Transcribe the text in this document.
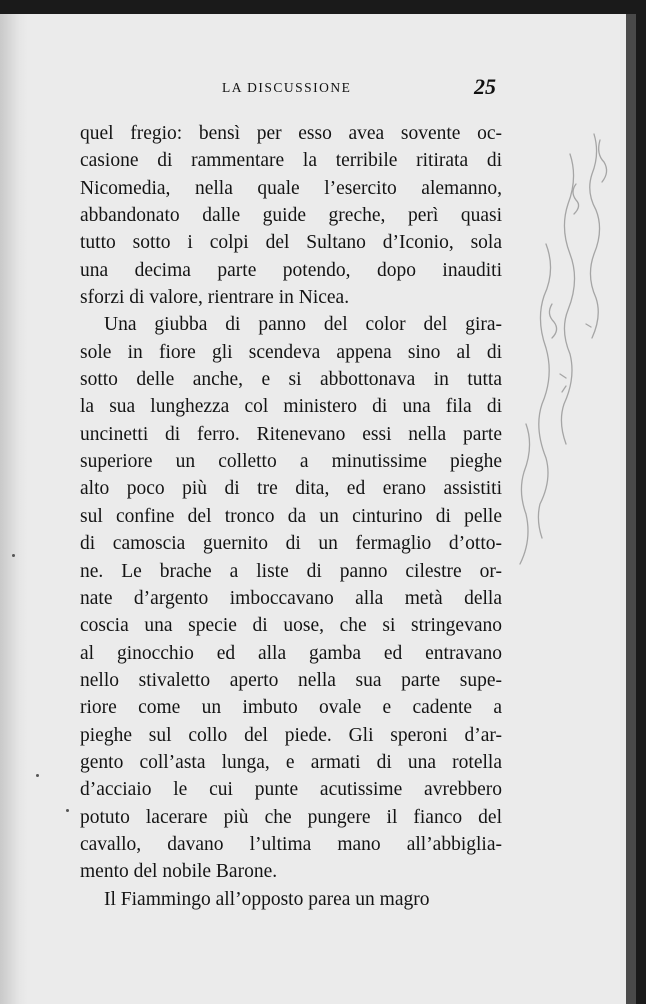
LA DISCUSSIONE	25
quel fregio: bensì per esso avea sovente oc-
casione di rammentare la terribile ritirata di
Nicomedia, nella quale l’esercito alemanno,
abbandonato dalle guide greche, perì quasi
tutto sotto i colpi del Sultano d’Iconio, sola
una decima parte potendo, dopo inauditi
sforzi di valore, rientrare in Nicea.
Una giubba di panno del color del gira-
sole in fiore gli scendeva appena sino al di
sotto delle anche, e si abbottonava in tutta
la sua lunghezza col ministero di una fila di
uncinetti di ferro. Ritenevano essi nella parte
superiore un colletto a minutissime pieghe
alto poco più di tre dita, ed erano assistiti
sul confine del tronco da un cinturino di pelle
di camoscia guernito di un fermaglio d’otto-
ne. Le brache a liste di panno cilestre or-
nate d’argento imboccavano alla metà della
coscia una specie di uose, che si stringevano
al ginocchio ed alla gamba ed entravano
nello stivaletto aperto nella sua parte supe-
riore come un imbuto ovale e cadente a
pieghe sul collo del piede. Gli speroni d’ar-
gento coll’asta lunga, e armati di una rotella
d’acciaio le cui punte acutissime avrebbero
potuto lacerare più che pungere il fianco del
cavallo, davano l’ultima mano all’abbiglia-
mento del nobile Barone.
Il Fiammingo all’opposto parea un magro
